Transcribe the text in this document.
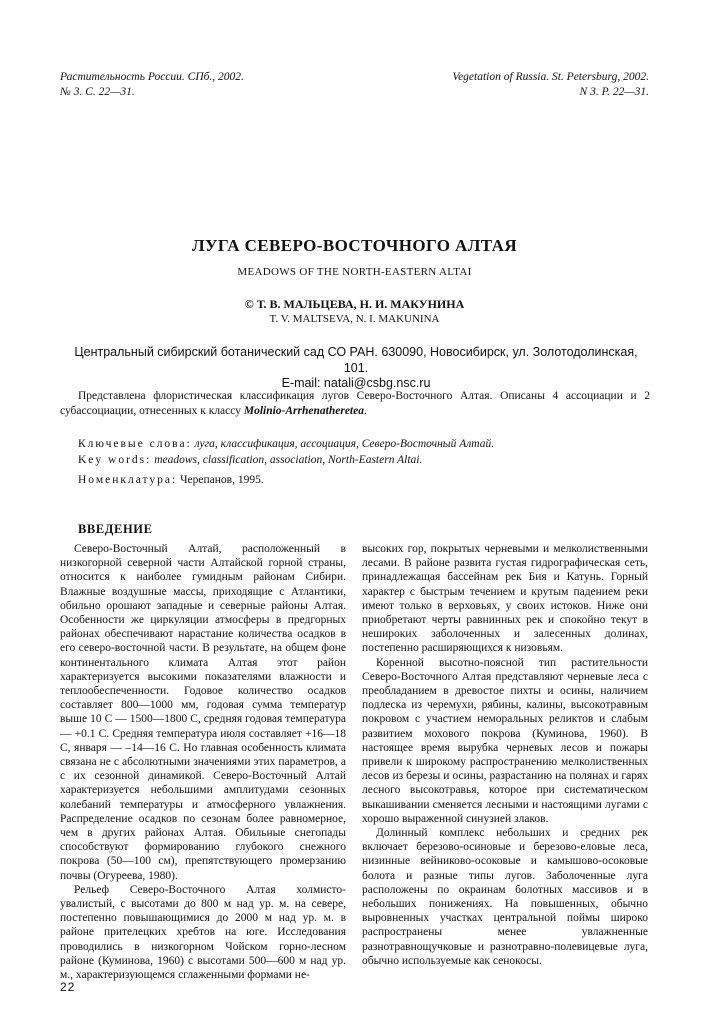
Растительность России. СПб., 2002.
№ 3. С. 22—31.
Vegetation of Russia. St. Petersburg, 2002.
N 3. P. 22—31.
ЛУГА СЕВЕРО-ВОСТОЧНОГО АЛТАЯ
MEADOWS OF THE NORTH-EASTERN ALTAI
© Т. В. МАЛЬЦЕВА, Н. И. МАКУНИНА
T. V. MALTSEVA, N. I. MAKUNINA
Центральный сибирский ботанический сад СО РАН. 630090, Новосибирск, ул. Золотодолинская, 101.
E-mail: natali@csbg.nsc.ru
Представлена флористическая классификация лугов Северо-Восточного Алтая. Описаны 4 ассоциации и 2 субассоциации, отнесенных к классу Molinio-Arrhenatheretea.
Ключевые слова: луга, классификация, ассоциация, Северо-Восточный Алтай.
Key words: meadows, classification, association, North-Eastern Altai.
Номенклатура: Черепанов, 1995.
ВВЕДЕНИЕ

Северо-Восточный Алтай, расположенный в низкогорной северной части Алтайской горной страны, относится к наиболее гумидным районам Сибири. Влажные воздушные массы, приходящие с Атлантики, обильно орошают западные и северные районы Алтая. Особенности же циркуляции атмосферы в предгорных районах обеспечивают нарастание количества осадков в его северо-восточной части. В результате, на общем фоне континентального климата Алтая этот район характеризуется высокими показателями влажности и теплообеспеченности. Годовое количество осадков составляет 800—1000 мм, годовая сумма температур выше 10 С — 1500—1800 С, средняя годовая температура — +0.1 С. Средняя температура июля составляет +16—18 С, января — –14—16 С. Но главная особенность климата связана не с абсолютными значениями этих параметров, а с их сезонной динамикой. Северо-Восточный Алтай характеризуется небольшими амплитудами сезонных колебаний температуры и атмосферного увлажнения. Распределение осадков по сезонам более равномерное, чем в других районах Алтая. Обильные снегопады способствуют формированию глубокого снежного покрова (50—100 см), препятствующего промерзанию почвы (Огуреева, 1980).

Рельеф Северо-Восточного Алтая холмисто-увалистый, с высотами до 800 м над ур. м. на севере, постепенно повышающимися до 2000 м над ур. м. в районе прителецких хребтов на юге. Исследования проводились в низкогорном Чойском горно-лесном районе (Куминова, 1960) с высотами 500—600 м над ур. м., характеризующемся сглаженными формами не-

высоких гор, покрытых черневыми и мелколиственными лесами. В районе развита густая гидрографическая сеть, принадлежащая бассейнам рек Бия и Катунь. Горный характер с быстрым течением и крутым падением реки имеют только в верховьях, у своих истоков. Ниже они приобретают черты равнинных рек и спокойно текут в неширокиx заболоченных и залесенных долинах, постепенно расширяющихся к низовьям.

Коренной высотно-поясной тип растительности Северо-Восточного Алтая представляют черневые леса с преобладанием в древостое пихты и осины, наличием подлеска из черемухи, рябины, калины, высокотравным покровом с участием неморальных реликтов и слабым развитием мохового покрова (Куминова, 1960). В настоящее время вырубка черневых лесов и пожары привели к широкому распространению мелколиственных лесов из березы и осины, разрастанию на полянах и гарях лесного высокотравья, которое при систематическом выкашивании сменяется лесными и настоящими лугами с хорошо выраженной синузией злаков.

Долинный комплекс небольших и средних рек включает березово-осиновые и березово-еловые леса, низинные вейниково-осоковые и камышово-осоковые болота и разные типы лугов. Заболоченные луга расположены по окраинам болотных массивов и в небольших понижениях. На повышенных, обычно выровненных участках центральной поймы широко распространены менее увлажненные разнотравнощучковые и разнотравно-полевицевые луга, обычно используемые как сенокосы.

22
